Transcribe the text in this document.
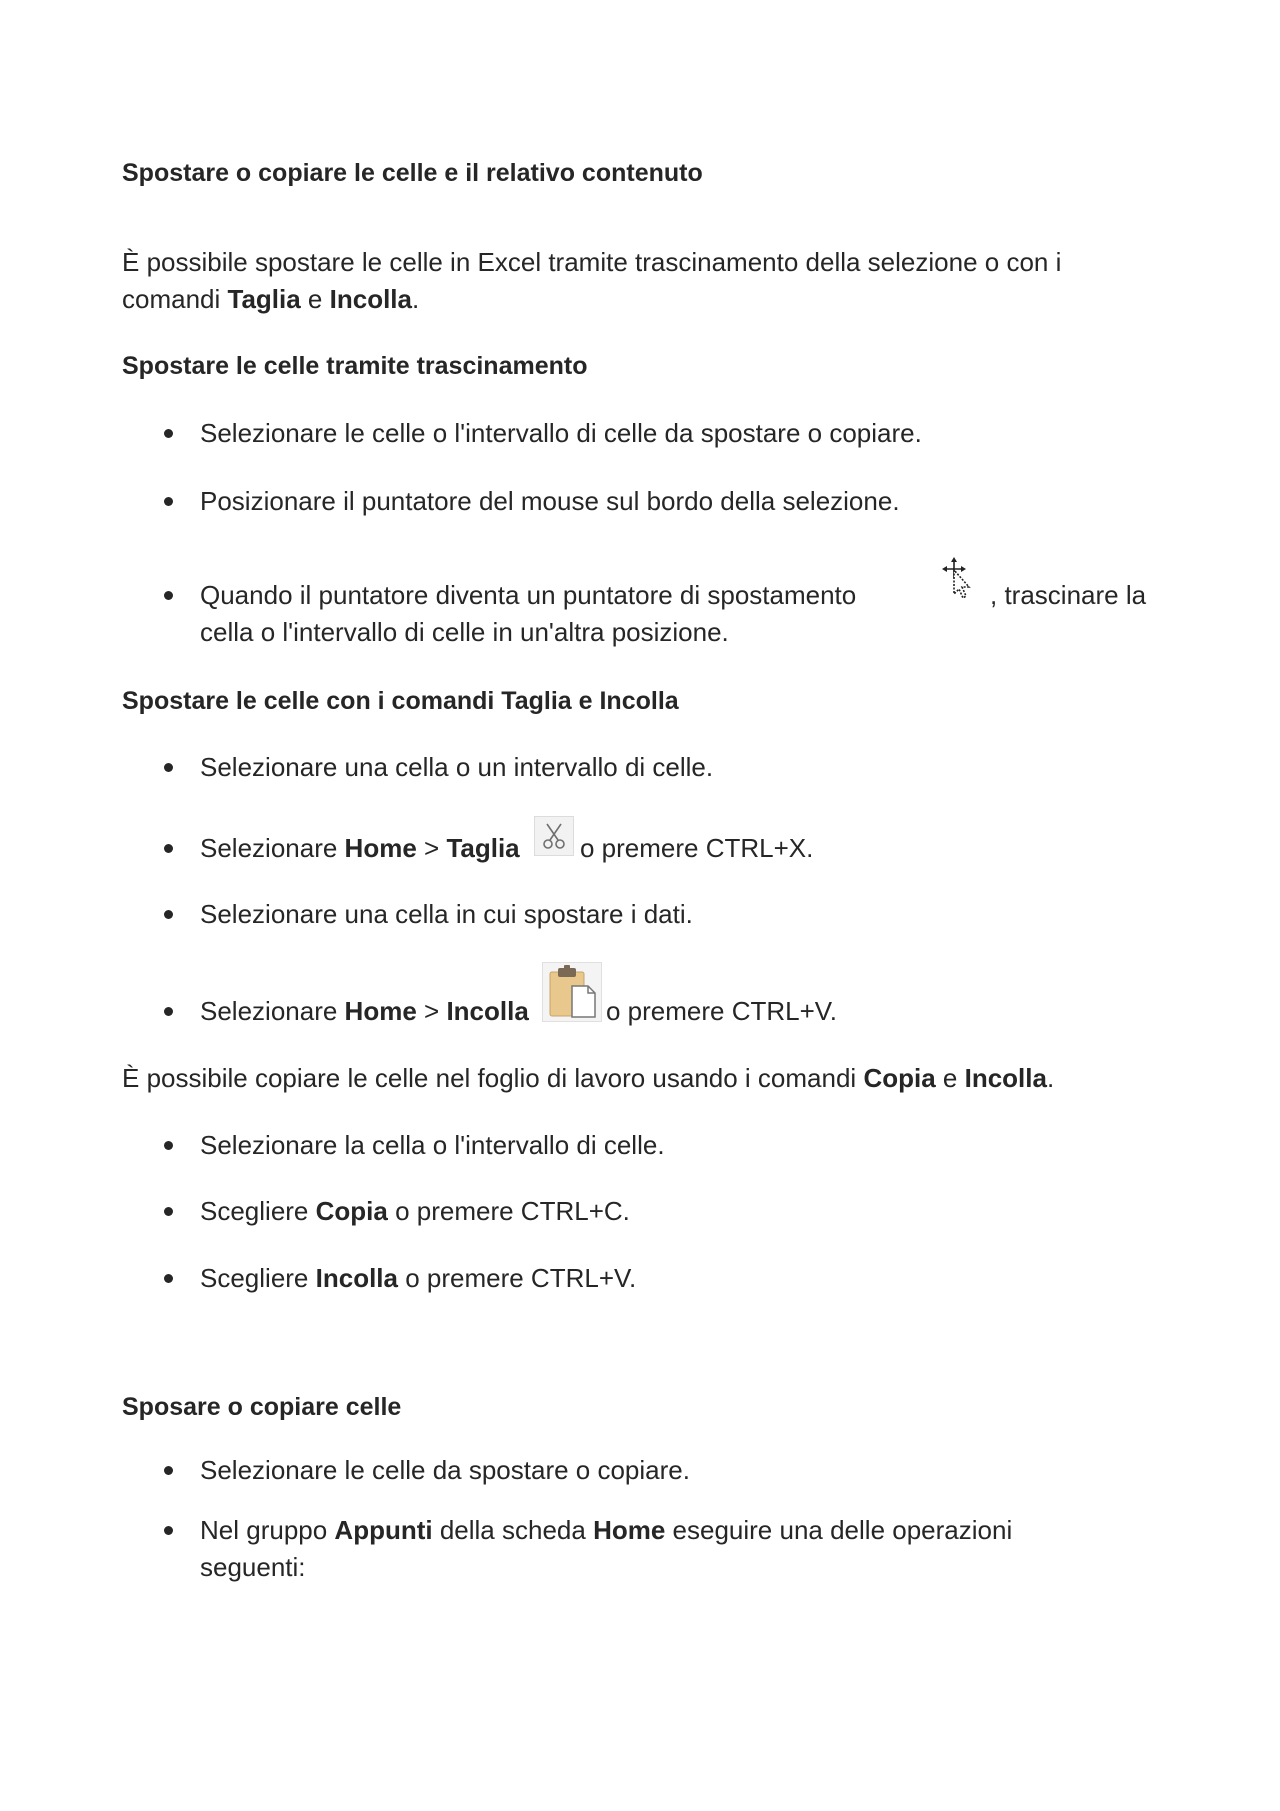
Spostare o copiare le celle e il relativo contenuto
È possibile spostare le celle in Excel tramite trascinamento della selezione o con i
comandi Taglia e Incolla.
Spostare le celle tramite trascinamento
Selezionare le celle o l'intervallo di celle da spostare o copiare.
Posizionare il puntatore del mouse sul bordo della selezione.
Quando il puntatore diventa un puntatore di spostamento	, trascinare la
cella o l'intervallo di celle in un'altra posizione.
Spostare le celle con i comandi Taglia e Incolla
Selezionare una cella o un intervallo di celle.
Selezionare Home > Taglia o premere CTRL+X.
Selezionare una cella in cui spostare i dati.
Selezionare Home > Incolla	o premere CTRL+V.
È possibile copiare le celle nel foglio di lavoro usando i comandi Copia e Incolla.
Selezionare la cella o l'intervallo di celle.
Scegliere Copia o premere CTRL+C.
Scegliere Incolla o premere CTRL+V.
Sposare o copiare celle
Selezionare le celle da spostare o copiare.
Nel gruppo Appunti della scheda Home eseguire una delle operazioni
seguenti:
